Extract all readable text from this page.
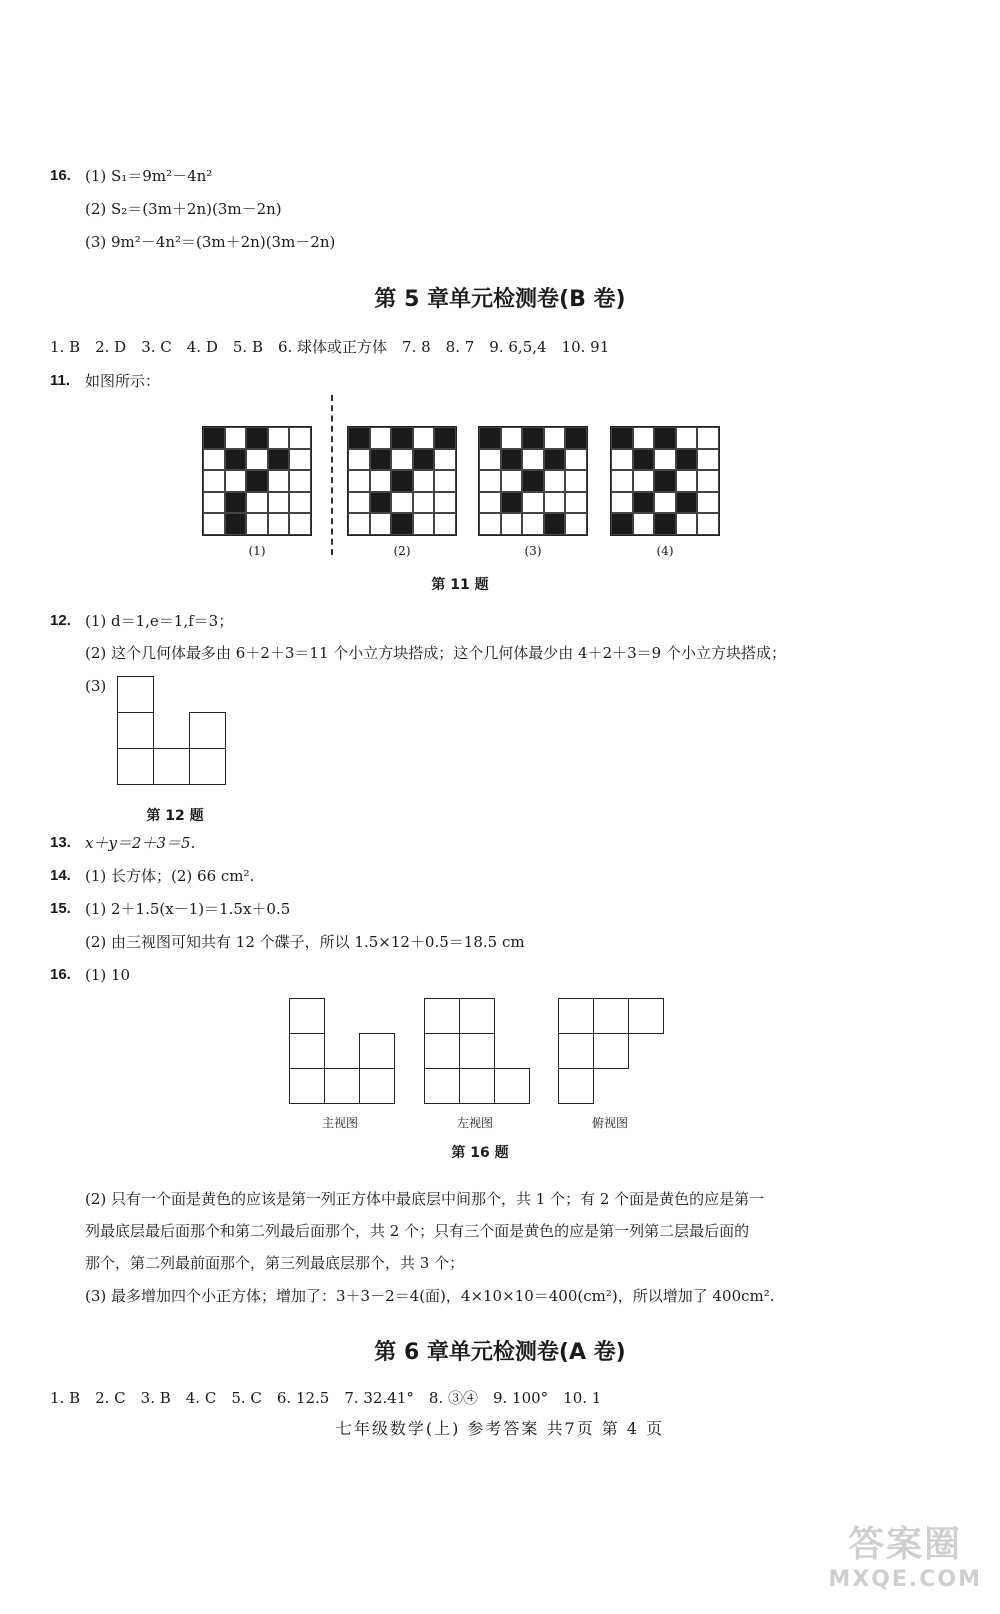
16. (1) S₁＝9m²－4n²
(2) S₂＝(3m＋2n)(3m－2n)
(3) 9m²－4n²＝(3m＋2n)(3m－2n)
第 5 章单元检测卷(B 卷)
1. B　2. D　3. C　4. D　5. B　6. 球体或正方体　7. 8　8. 7　9. 6,5,4　10. 91
11. 如图所示：
(1)	(2)	(3)	(4)
第 11 题
12. (1) d＝1,e＝1,f＝3；
(2) 这个几何体最多由 6＋2＋3＝11 个小立方块搭成；这个几何体最少由 4＋2＋3＝9 个小立方块搭成；
(3)
第 12 题
13. x＋y＝2＋3＝5.
14. (1) 长方体；(2) 66 cm².
15. (1) 2＋1.5(x－1)＝1.5x＋0.5
(2) 由三视图可知共有 12 个碟子，所以 1.5×12＋0.5＝18.5 cm
16. (1) 10
主视图	左视图	俯视图
第 16 题
(2) 只有一个面是黄色的应该是第一列正方体中最底层中间那个，共 1 个；有 2 个面是黄色的应是第一
列最底层最后面那个和第二列最后面那个，共 2 个；只有三个面是黄色的应是第一列第二层最后面的
那个，第二列最前面那个，第三列最底层那个，共 3 个；
(3) 最多增加四个小正方体；增加了：3＋3－2＝4(面)，4×10×10＝400(cm²)，所以增加了 400cm².
第 6 章单元检测卷(A 卷)
1. B　2. C　3. B　4. C　5. C　6. 12.5　7. 32.41°　8. ③④　9. 100°　10. 1
七年级数学(上) 参考答案 共7页 第 4 页
答案圈
MXQE.COM
